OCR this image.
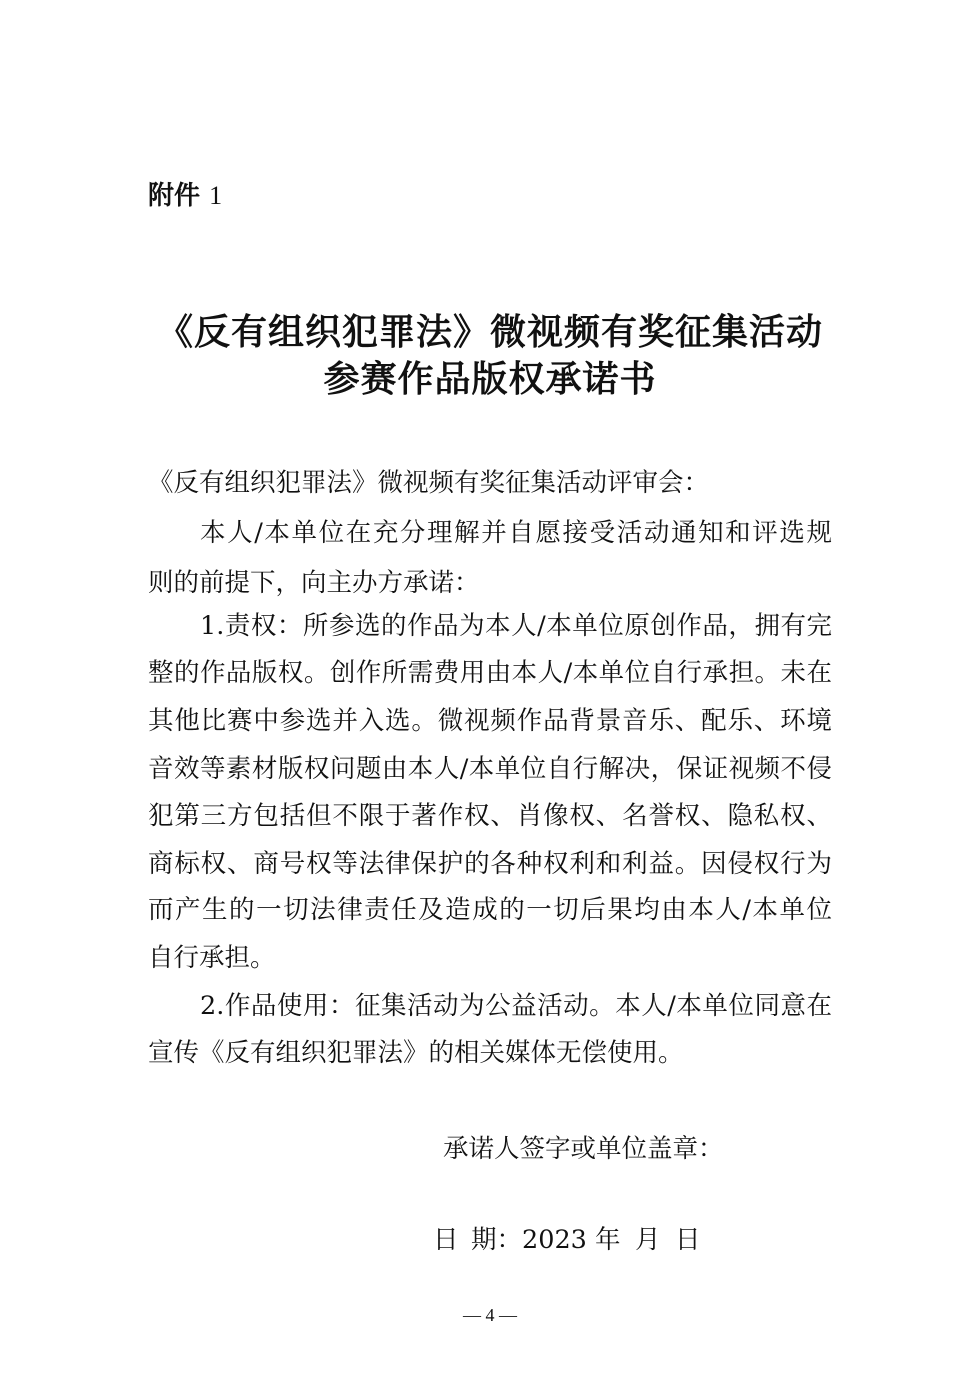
附件 1
《反有组织犯罪法》微视频有奖征集活动
参赛作品版权承诺书
《反有组织犯罪法》微视频有奖征集活动评审会：
本人/本单位在充分理解并自愿接受活动通知和评选规
则的前提下，向主办方承诺：
1.责权：所参选的作品为本人/本单位原创作品，拥有完
整的作品版权。创作所需费用由本人/本单位自行承担。未在
其他比赛中参选并入选。微视频作品背景音乐、配乐、环境
音效等素材版权问题由本人/本单位自行解决，保证视频不侵
犯第三方包括但不限于著作权、肖像权、名誉权、隐私权、
商标权、商号权等法律保护的各种权利和利益。因侵权行为
而产生的一切法律责任及造成的一切后果均由本人/本单位
自行承担。
2.作品使用：征集活动为公益活动。本人/本单位同意在
宣传《反有组织犯罪法》的相关媒体无偿使用。
承诺人签字或单位盖章：
日 期：2023 年 月 日
— 4 —
